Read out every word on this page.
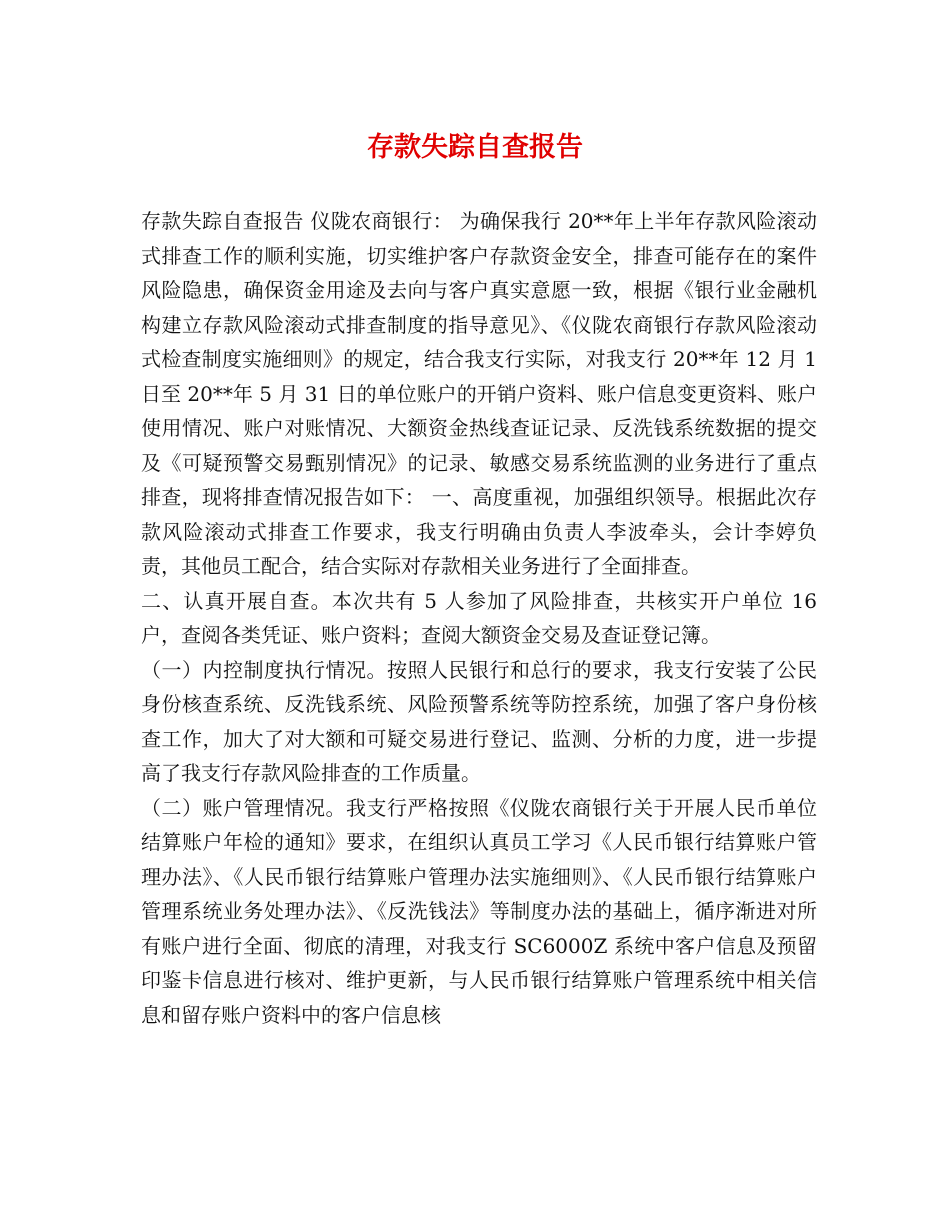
存款失踪自查报告

存款失踪自查报告 仪陇农商银行： 为确保我行 20**年上半年存款风险滚动式排查工作的顺利实施，切实维护客户存款资金安全，排查可能存在的案件风险隐患，确保资金用途及去向与客户真实意愿一致，根据《银行业金融机构建立存款风险滚动式排查制度的指导意见》、《仪陇农商银行存款风险滚动式检查制度实施细则》的规定，结合我支行实际，对我支行 20**年 12 月 1 日至 20**年 5 月 31 日的单位账户的开销户资料、账户信息变更资料、账户使用情况、账户对账情况、大额资金热线查证记录、反洗钱系统数据的提交及《可疑预警交易甄别情况》的记录、敏感交易系统监测的业务进行了重点排查，现将排查情况报告如下： 一、高度重视，加强组织领导。根据此次存款风险滚动式排查工作要求，我支行明确由负责人李波牵头，会计李婷负责，其他员工配合，结合实际对存款相关业务进行了全面排查。

二、认真开展自查。本次共有 5 人参加了风险排查，共核实开户单位 16 户，查阅各类凭证、账户资料；查阅大额资金交易及查证登记簿。

（一）内控制度执行情况。按照人民银行和总行的要求，我支行安装了公民身份核查系统、反洗钱系统、风险预警系统等防控系统，加强了客户身份核查工作，加大了对大额和可疑交易进行登记、监测、分析的力度，进一步提高了我支行存款风险排查的工作质量。

（二）账户管理情况。我支行严格按照《仪陇农商银行关于开展人民币单位结算账户年检的通知》要求，在组织认真员工学习《人民币银行结算账户管理办法》、《人民币银行结算账户管理办法实施细则》、《人民币银行结算账户管理系统业务处理办法》、《反洗钱法》等制度办法的基础上，循序渐进对所有账户进行全面、彻底的清理，对我支行 SC6000Z 系统中客户信息及预留印鉴卡信息进行核对、维护更新，与人民币银行结算账户管理系统中相关信息和留存账户资料中的客户信息核
